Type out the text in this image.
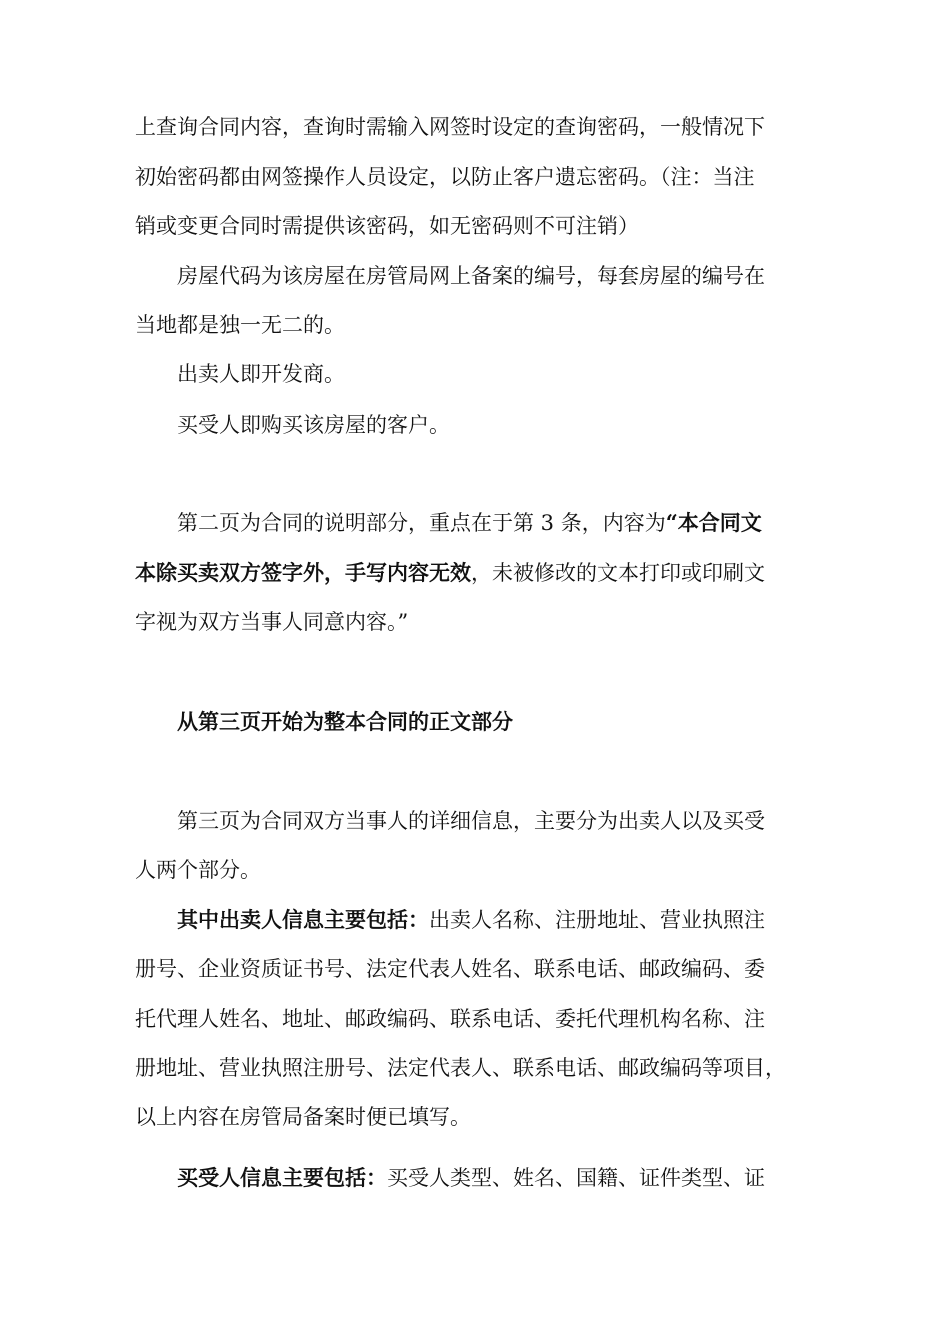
上查询合同内容，查询时需输入网签时设定的查询密码，一般情况下
初始密码都由网签操作人员设定，以防止客户遗忘密码。（注：当注
销或变更合同时需提供该密码，如无密码则不可注销）
房屋代码为该房屋在房管局网上备案的编号，每套房屋的编号在
当地都是独一无二的。
出卖人即开发商。
买受人即购买该房屋的客户。
第二页为合同的说明部分，重点在于第 3 条，内容为“本合同文
本除买卖双方签字外，手写内容无效，未被修改的文本打印或印刷文
字视为双方当事人同意内容。”
从第三页开始为整本合同的正文部分
第三页为合同双方当事人的详细信息，主要分为出卖人以及买受
人两个部分。
其中出卖人信息主要包括：出卖人名称、注册地址、营业执照注
册号、企业资质证书号、法定代表人姓名、联系电话、邮政编码、委
托代理人姓名、地址、邮政编码、联系电话、委托代理机构名称、注
册地址、营业执照注册号、法定代表人、联系电话、邮政编码等项目，
以上内容在房管局备案时便已填写。
买受人信息主要包括：买受人类型、姓名、国籍、证件类型、证
